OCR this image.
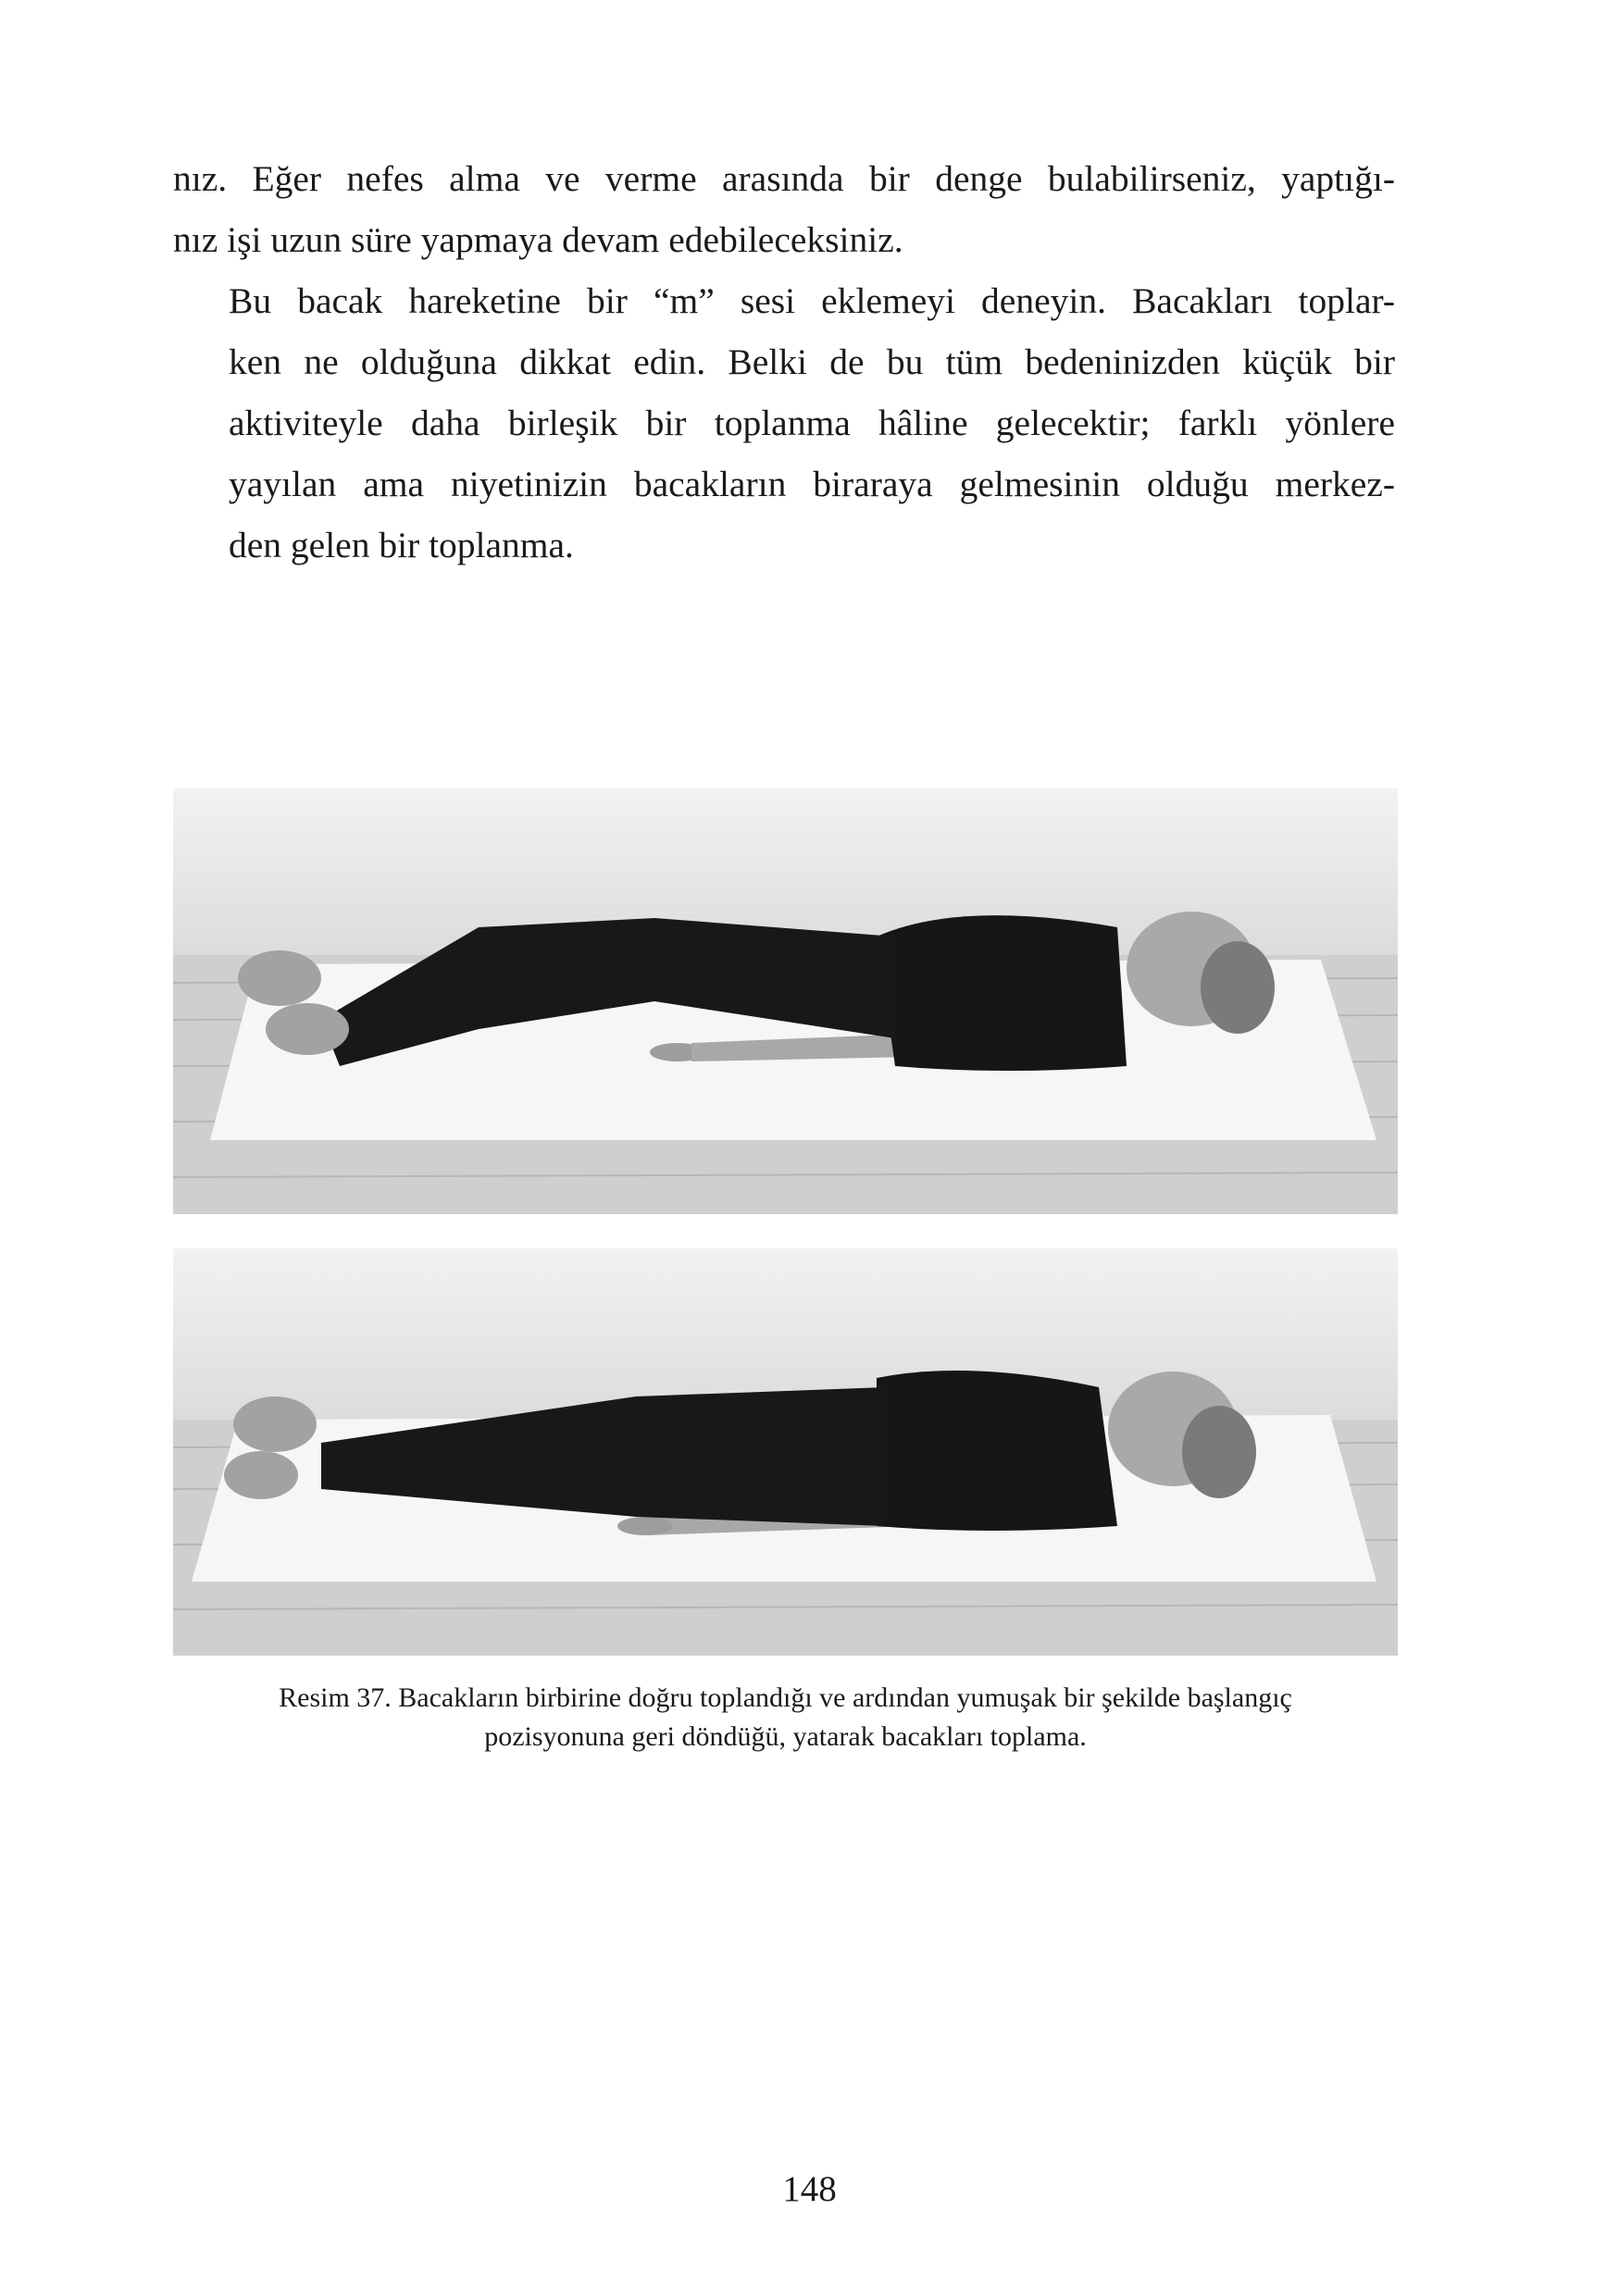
nız. Eğer nefes alma ve verme arasında bir denge bulabilirseniz, yaptığı-
nız işi uzun süre yapmaya devam edebileceksiniz.

Bu bacak hareketine bir “m” sesi eklemeyi deneyin. Bacakları toplar-
ken ne olduğuna dikkat edin. Belki de bu tüm bedeninizden küçük bir
aktiviteyle daha birleşik bir toplanma hâline gelecektir; farklı yönlere
yayılan ama niyetinizin bacakların biraraya gelmesinin olduğu merkez-
den gelen bir toplanma.

Resim 37. Bacakların birbirine doğru toplandığı ve ardından yumuşak bir şekilde başlangıç
pozisyonuna geri döndüğü, yatarak bacakları toplama.
148
